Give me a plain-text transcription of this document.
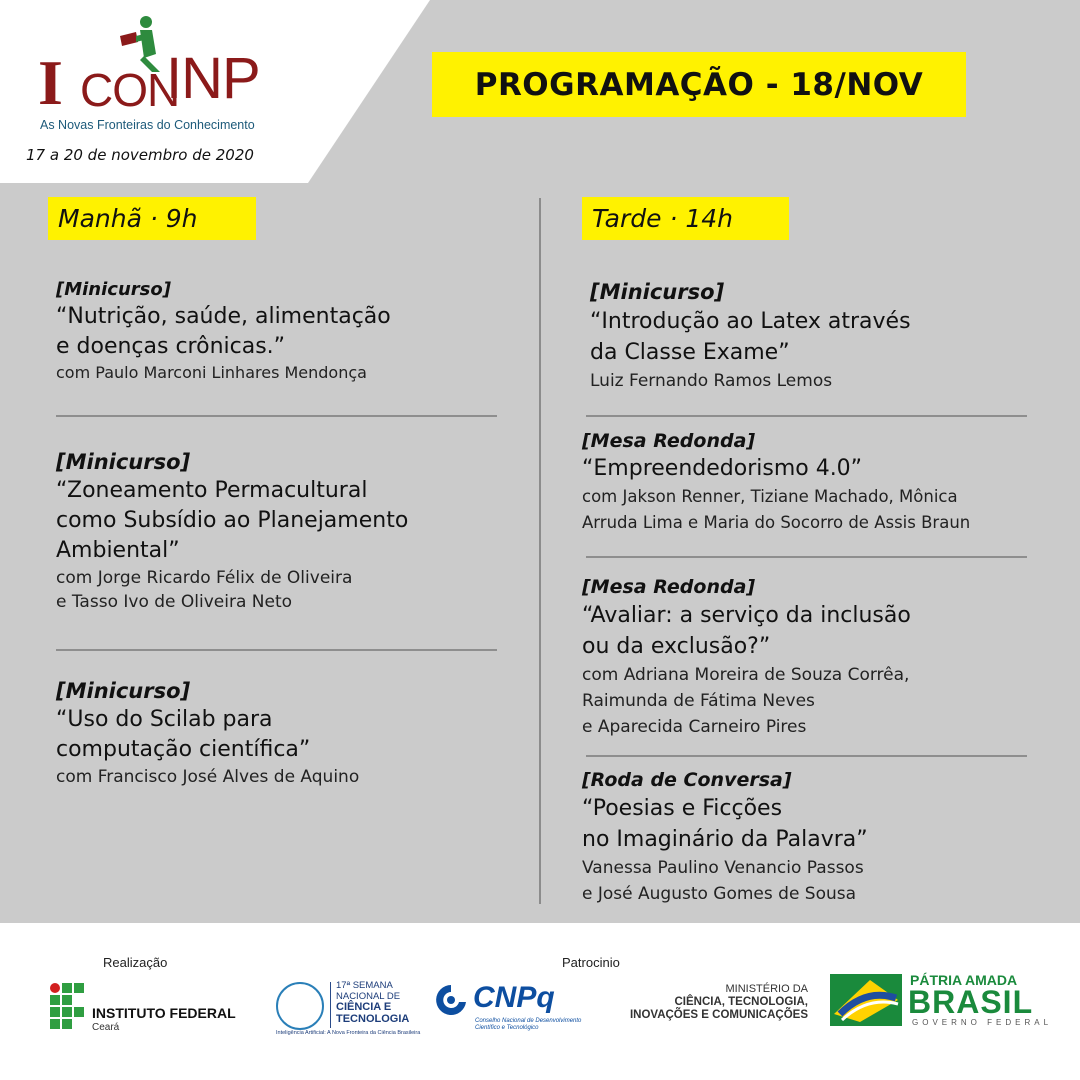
I CON
INP
As Novas Fronteiras do Conhecimento
17 a 20 de novembro de 2020
PROGRAMAÇÃO - 18/NOV
Manhã · 9h	Tarde · 14h
[Minicurso]
“Nutrição, saúde, alimentação
e doenças crônicas.”
com Paulo Marconi Linhares Mendonça
[Minicurso]
“Zoneamento Permacultural
como Subsídio ao Planejamento
Ambiental”
com Jorge Ricardo Félix de Oliveira
e Tasso Ivo de Oliveira Neto
[Minicurso]
“Uso do Scilab para
computação científica”
com Francisco José Alves de Aquino
[Minicurso]
“Introdução ao Latex através
da Classe Exame”
Luiz Fernando Ramos Lemos
[Mesa Redonda]
“Empreendedorismo 4.0”
com Jakson Renner, Tiziane Machado, Mônica
Arruda Lima e Maria do Socorro de Assis Braun
[Mesa Redonda]
“Avaliar: a serviço da inclusão
ou da exclusão?”
com Adriana Moreira de Souza Corrêa,
Raimunda de Fátima Neves
e Aparecida Carneiro Pires
[Roda de Conversa]
“Poesias e Ficções
no Imaginário da Palavra”
Vanessa Paulino Venancio Passos
e José Augusto Gomes de Sousa
Realização	Patrocinio
INSTITUTO FEDERAL
Ceará
17ª SEMANA
NACIONAL DE
CIÊNCIA E
TECNOLOGIA
Inteligência Artificial: A Nova Fronteira da Ciência Brasileira
CNPq
Conselho Nacional de Desenvolvimento
Científico e Tecnológico
MINISTÉRIO DA
CIÊNCIA, TECNOLOGIA,
INOVAÇÕES E COMUNICAÇÕES
PÁTRIA AMADA
BRASIL
GOVERNO FEDERAL
